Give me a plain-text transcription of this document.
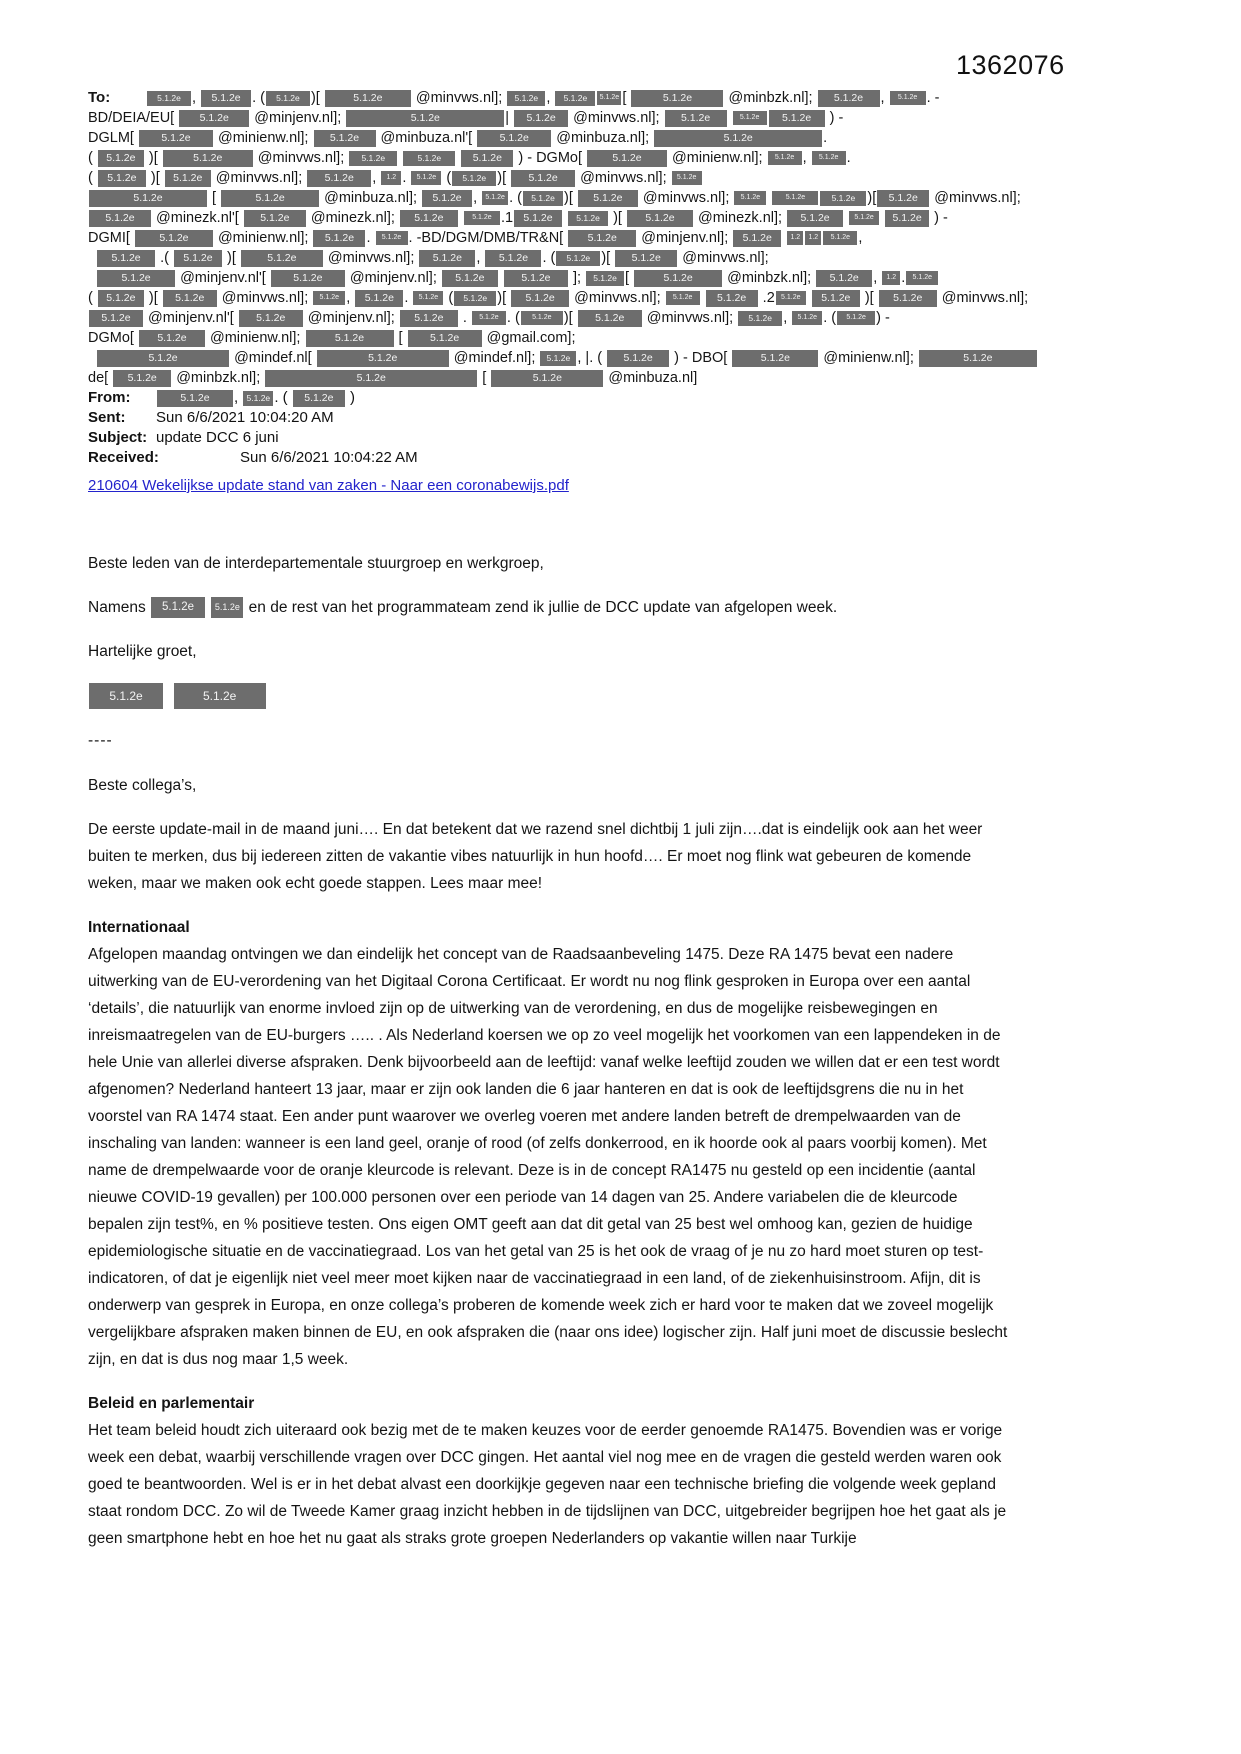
1362076
To:	5.1.2e , 5.1.2e . ( 5.1.2e )[	5.1.2e @minvws.nl]; 5.1.2e , 5.1.2e 5.1.2e [	5.1.2e @minbzk.nl]; 5.1.2e , 5.1.2e . -
BD/DEIA/EU[ 5.1.2e @minjenv.nl];	5.1.2e	| 5.1.2e @minvws.nl]; 5.1.2e	5.1.2e 5.1.2e ) -
DGLM[ 5.1.2e @minienw.nl]; 5.1.2e @minbuza.nl'[ 5.1.2e @minbuza.nl];	5.1.2e	.
( 5.1.2e )[	5.1.2e @minvws.nl]; 5.1.2e	5.1.2e	5.1.2e ) - DGMo[	5.1.2e @minienw.nl]; 5.1.2e , 5.1.2e .
( 5.1.2e )[ 5.1.2e @minvws.nl]; 5.1.2e , 1.2 . 5.1.2e ( 5.1.2e )[ 5.1.2e @minvws.nl]; 5.1.2e
5.1.2e	[	5.1.2e @minbuza.nl]; 5.1.2e , 5.1.2e . ( 5.1.2e )[ 5.1.2e @minvws.nl]; 5.1.2e	5.1.2e	5.1.2e )[ 5.1.2e @minvws.nl];
5.1.2e @minezk.nl'[ 5.1.2e @minezk.nl]; 5.1.2e	5.1.2e .1 5.1.2e	5.1.2e )[ 5.1.2e @minezk.nl]; 5.1.2e	5.1.2e 5.1.2e ) -
DGMI[ 5.1.2e @minienw.nl]; 5.1.2e . 5.1.2e . -BD/DGM/DMB/TR&N[ 5.1.2e @minjenv.nl]; 5.1.2e	1.2 1.2 5.1.2e ,
5.1.2e .( 5.1.2e )[	5.1.2e @minvws.nl]; 5.1.2e , 5.1.2e . ( 5.1.2e )[ 5.1.2e @minvws.nl];
5.1.2e @minjenv.nl'[ 5.1.2e @minjenv.nl]; 5.1.2e	5.1.2e ]; 5.1.2e [	5.1.2e @minbzk.nl]; 5.1.2e , 1.2 . 5.1.2e
( 5.1.2e )[ 5.1.2e @minvws.nl]; 5.1.2e , 5.1.2e . 5.1.2e ( 5.1.2e )[ 5.1.2e @minvws.nl]; 5.1.2e 5.1.2e .2 5.1.2e 5.1.2e )[ 5.1.2e @minvws.nl];
5.1.2e @minjenv.nl'[ 5.1.2e @minjenv.nl]; 5.1.2e . 5.1.2e . ( 5.1.2e )[ 5.1.2e @minvws.nl]; 5.1.2e , 5.1.2e . ( 5.1.2e ) -
DGMo[ 5.1.2e @minienw.nl];	5.1.2e [ 5.1.2e @gmail.com];
5.1.2e	@mindef.nl[	5.1.2e	@mindef.nl]; 5.1.2e , |. ( 5.1.2e ) - DBO[	5.1.2e @minienw.nl];	5.1.2e
de[ 5.1.2e @minbzk.nl];	5.1.2e	[	5.1.2e	@minbuza.nl]
From:	5.1.2e , 5.1.2e . ( 5.1.2e )
Sent:	Sun 6/6/2021 10:04:20 AM
Subject: update DCC 6 juni
Received:	Sun 6/6/2021 10:04:22 AM
210604 Wekelijkse update stand van zaken - Naar een coronabewijs.pdf

Beste leden van de interdepartementale stuurgroep en werkgroep,

Namens 5.1.2e 5.1.2e en de rest van het programmateam zend ik jullie de DCC update van afgelopen week.

Hartelijke groet,

5.1.2e	5.1.2e
----

Beste collega’s,

De eerste update-mail in de maand juni…. En dat betekent dat we razend snel dichtbij 1 juli zijn….dat is eindelijk ook aan het weer buiten te merken, dus bij iedereen zitten de vakantie vibes natuurlijk in hun hoofd…. Er moet nog flink wat gebeuren de komende weken, maar we maken ook echt goede stappen. Lees maar mee!

Internationaal
Afgelopen maandag ontvingen we dan eindelijk het concept van de Raadsaanbeveling 1475. Deze RA 1475 bevat een nadere uitwerking van de EU-verordening van het Digitaal Corona Certificaat. Er wordt nu nog flink gesproken in Europa over een aantal ‘details’, die natuurlijk van enorme invloed zijn op de uitwerking van de verordening, en dus de mogelijke reisbewegingen en inreismaatregelen van de EU-burgers ….. . Als Nederland koersen we op zo veel mogelijk het voorkomen van een lappendeken in de hele Unie van allerlei diverse afspraken. Denk bijvoorbeeld aan de leeftijd: vanaf welke leeftijd zouden we willen dat er een test wordt afgenomen? Nederland hanteert 13 jaar, maar er zijn ook landen die 6 jaar hanteren en dat is ook de leeftijdsgrens die nu in het voorstel van RA 1474 staat. Een ander punt waarover we overleg voeren met andere landen betreft de drempelwaarden van de inschaling van landen: wanneer is een land geel, oranje of rood (of zelfs donkerrood, en ik hoorde ook al paars voorbij komen). Met name de drempelwaarde voor de oranje kleurcode is relevant. Deze is in de concept RA1475 nu gesteld op een incidentie (aantal nieuwe COVID-19 gevallen) per 100.000 personen over een periode van 14 dagen van 25. Andere variabelen die de kleurcode bepalen zijn test%, en % positieve testen. Ons eigen OMT geeft aan dat dit getal van 25 best wel omhoog kan, gezien de huidige epidemiologische situatie en de vaccinatiegraad. Los van het getal van 25 is het ook de vraag of je nu zo hard moet sturen op test-indicatoren, of dat je eigenlijk niet veel meer moet kijken naar de vaccinatiegraad in een land, of de ziekenhuisinstroom. Afijn, dit is onderwerp van gesprek in Europa, en onze collega’s proberen de komende week zich er hard voor te maken dat we zoveel mogelijk vergelijkbare afspraken maken binnen de EU, en ook afspraken die (naar ons idee) logischer zijn. Half juni moet de discussie beslecht zijn, en dat is dus nog maar 1,5 week.
Beleid en parlementair
Het team beleid houdt zich uiteraard ook bezig met de te maken keuzes voor de eerder genoemde RA1475. Bovendien was er vorige week een debat, waarbij verschillende vragen over DCC gingen. Het aantal viel nog mee en de vragen die gesteld werden waren ook goed te beantwoorden. Wel is er in het debat alvast een doorkijkje gegeven naar een technische briefing die volgende week gepland staat rondom DCC. Zo wil de Tweede Kamer graag inzicht hebben in de tijdslijnen van DCC, uitgebreider begrijpen hoe het gaat als je geen smartphone hebt en hoe het nu gaat als straks grote groepen Nederlanders op vakantie willen naar Turkije
